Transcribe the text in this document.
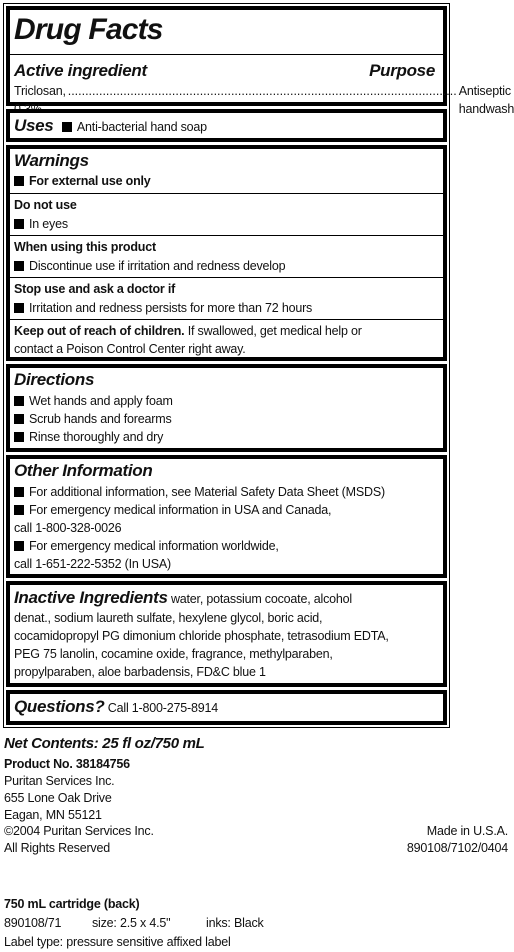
Drug Facts
Active ingredient	Purpose
Triclosan, ................................................................................................................ Antiseptic handwash
Uses Anti-bacterial hand soap
Warnings
For external use only
Do not use
In eyes
When using this product
Discontinue use if irritation and redness develop
Stop use and ask a doctor if
Irritation and redness persists for more than 72 hours
Keep out of reach of children. If swallowed, get medical help or
contact a Poison Control Center right away.
Directions
Wet hands and apply foam
Scrub hands and forearms
Rinse thoroughly and dry
Other Information
For additional information, see Material Safety Data Sheet (MSDS)
For emergency medical information in USA and Canada,
call 1-800-328-0026
For emergency medical information worldwide,
call 1-651-222-5352 (In USA)
Inactive Ingredients water, potassium cocoate, alcohol
denat., sodium laureth sulfate, hexylene glycol, boric acid,
cocamidopropyl PG dimonium chloride phosphate, tetrasodium EDTA,
PEG 75 lanolin, cocamine oxide, fragrance, methylparaben,
propylparaben, aloe barbadensis, FD&C blue 1
Questions? Call 1-800-275-8914
Net Contents: 25 fl oz/750 mL
Product No. 38184756
Puritan Services Inc.
655 Lone Oak Drive
Eagan, MN 55121
©2004 Puritan Services Inc.	Made in U.S.A.
All Rights Reserved	890108/7102/0404
750 mL cartridge (back)
890108/71 size: 2.5 x 4.5"	inks: Black
Label type: pressure sensitive affixed label
